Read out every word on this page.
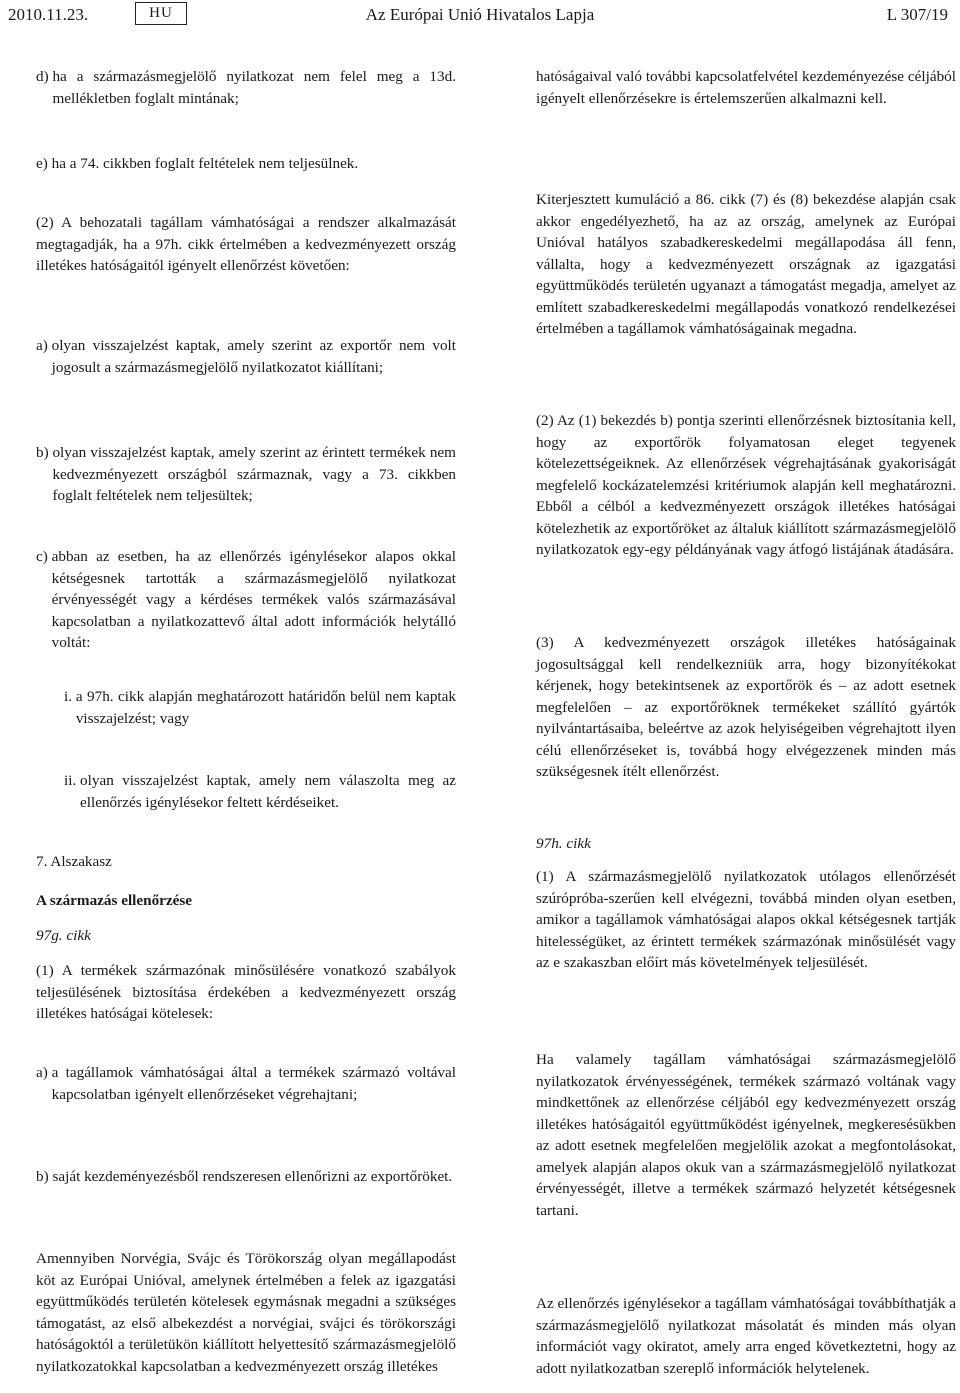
2010.11.23.	HU	Az Európai Unió Hivatalos Lapja	L 307/19
d) ha a származásmegjelölő nyilatkozat nem felel meg a 13d. mellékletben foglalt mintának;
e) ha a 74. cikkben foglalt feltételek nem teljesülnek.
(2) A behozatali tagállam vámhatóságai a rendszer alkalmazását megtagadják, ha a 97h. cikk értelmében a kedvezményezett ország illetékes hatóságaitól igényelt ellenőrzést követően:
a) olyan visszajelzést kaptak, amely szerint az exportőr nem volt jogosult a származásmegjelölő nyilatkozatot kiállítani;
b) olyan visszajelzést kaptak, amely szerint az érintett termékek nem kedvezményezett országból származnak, vagy a 73. cikkben foglalt feltételek nem teljesültek;
c) abban az esetben, ha az ellenőrzés igénylésekor alapos okkal kétségesnek tartották a származásmegjelölő nyilatkozat érvényességét vagy a kérdéses termékek valós származásával kapcsolatban a nyilatkozattevő által adott információk helytálló voltát:
i. a 97h. cikk alapján meghatározott határidőn belül nem kaptak visszajelzést; vagy
ii. olyan visszajelzést kaptak, amely nem válaszolta meg az ellenőrzés igénylésekor feltett kérdéseiket.
7. Alszakasz
A származás ellenőrzése
97g. cikk
(1) A termékek származónak minősülésére vonatkozó szabályok teljesülésének biztosítása érdekében a kedvezményezett ország illetékes hatóságai kötelesek:
a) a tagállamok vámhatóságai által a termékek származó voltával kapcsolatban igényelt ellenőrzéseket végrehajtani;
b) saját kezdeményezésből rendszeresen ellenőrizni az exportőröket.
Amennyiben Norvégia, Svájc és Törökország olyan megállapodást köt az Európai Unióval, amelynek értelmében a felek az igazgatási együttműködés területén kötelesek egymásnak megadni a szükséges támogatást, az első albekezdést a norvégiai, svájci és törökországi hatóságoktól a területükön kiállított helyettesítő származásmegjelölő nyilatkozatokkal kapcsolatban a kedvezményezett ország illetékes
hatóságaival való további kapcsolatfelvétel kezdeményezése céljából igényelt ellenőrzésekre is értelemszerűen alkalmazni kell.
Kiterjesztett kumuláció a 86. cikk (7) és (8) bekezdése alapján csak akkor engedélyezhető, ha az az ország, amelynek az Európai Unióval hatályos szabadkereskedelmi megállapodása áll fenn, vállalta, hogy a kedvezményezett országnak az igazgatási együttműködés területén ugyanazt a támogatást megadja, amelyet az említett szabadkereskedelmi megállapodás vonatkozó rendelkezései értelmében a tagállamok vámhatóságainak megadna.
(2) Az (1) bekezdés b) pontja szerinti ellenőrzésnek biztosítania kell, hogy az exportőrök folyamatosan eleget tegyenek kötelezettségeiknek. Az ellenőrzések végrehajtásának gyakoriságát megfelelő kockázatelemzési kritériumok alapján kell meghatározni. Ebből a célból a kedvezményezett országok illetékes hatóságai kötelezhetik az exportőröket az általuk kiállított származásmegjelölő nyilatkozatok egy-egy példányának vagy átfogó listájának átadására.
(3) A kedvezményezett országok illetékes hatóságainak jogosultsággal kell rendelkezniük arra, hogy bizonyítékokat kérjenek, hogy betekintsenek az exportőrök és – az adott esetnek megfelelően – az exportőröknek termékeket szállító gyártók nyilvántartásaiba, beleértve az azok helyiségeiben végrehajtott ilyen célú ellenőrzéseket is, továbbá hogy elvégezzenek minden más szükségesnek ítélt ellenőrzést.
97h. cikk
(1) A származásmegjelölő nyilatkozatok utólagos ellenőrzését szúrópróba-szerűen kell elvégezni, továbbá minden olyan esetben, amikor a tagállamok vámhatóságai alapos okkal kétségesnek tartják hitelességüket, az érintett termékek származónak minősülését vagy az e szakaszban előírt más követelmények teljesülését.
Ha valamely tagállam vámhatóságai származásmegjelölő nyilatkozatok érvényességének, termékek származó voltának vagy mindkettőnek az ellenőrzése céljából egy kedvezményezett ország illetékes hatóságaitól együttműködést igényelnek, megkeresésükben az adott esetnek megfelelően megjelölik azokat a megfontolásokat, amelyek alapján alapos okuk van a származásmegjelölő nyilatkozat érvényességét, illetve a termékek származó helyzetét kétségesnek tartani.
Az ellenőrzés igénylésekor a tagállam vámhatóságai továbbíthatják a származásmegjelölő nyilatkozat másolatát és minden más olyan információt vagy okiratot, amely arra enged következtetni, hogy az adott nyilatkozatban szereplő információk helytelenek.
